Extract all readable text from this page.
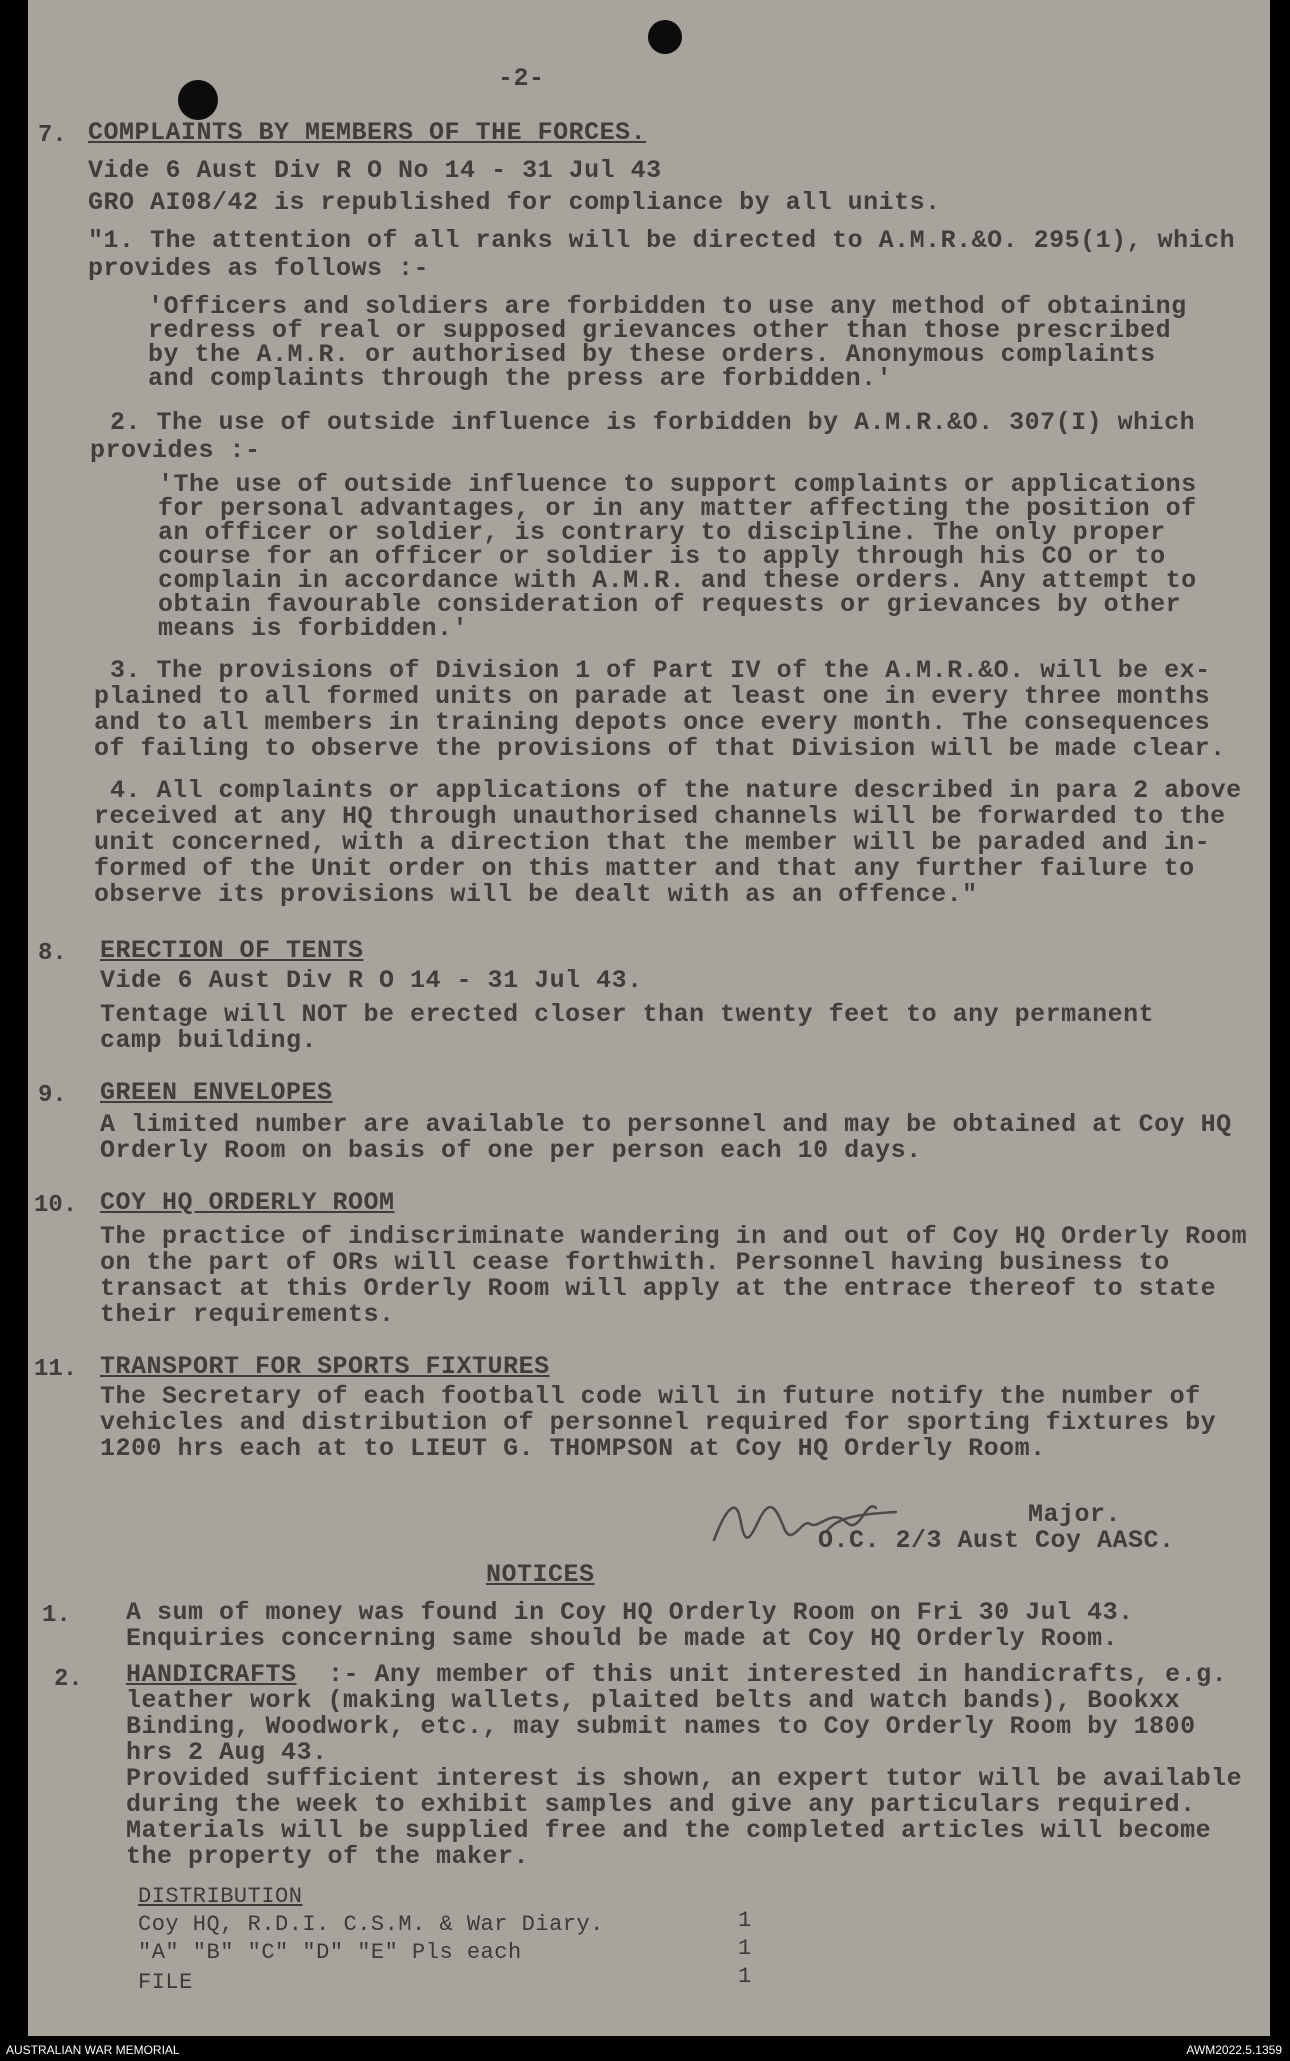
-2-
7. COMPLAINTS BY MEMBERS OF THE FORCES.
Vide 6 Aust Div R O No 14 - 31 Jul 43
GRO AI08/42 is republished for compliance by all units.
"1. The attention of all ranks will be directed to A.M.R.&O. 295(1), which
provides as follows :-
'Officers and soldiers are forbidden to use any method of obtaining
redress of real or supposed grievances other than those prescribed
by the A.M.R. or authorised by these orders. Anonymous complaints
and complaints through the press are forbidden.'
2. The use of outside influence is forbidden by A.M.R.&O. 307(I) which
provides :-
'The use of outside influence to support complaints or applications
for personal advantages, or in any matter affecting the position of
an officer or soldier, is contrary to discipline. The only proper
course for an officer or soldier is to apply through his CO or to
complain in accordance with A.M.R. and these orders. Any attempt to
obtain favourable consideration of requests or grievances by other
means is forbidden.'
3. The provisions of Division 1 of Part IV of the A.M.R.&O. will be ex-
plained to all formed units on parade at least one in every three months
and to all members in training depots once every month. The consequences
of failing to observe the provisions of that Division will be made clear.
4. All complaints or applications of the nature described in para 2 above
received at any HQ through unauthorised channels will be forwarded to the
unit concerned, with a direction that the member will be paraded and in-
formed of the Unit order on this matter and that any further failure to
observe its provisions will be dealt with as an offence."
8. ERECTION OF TENTS
Vide 6 Aust Div R O 14 - 31 Jul 43.
Tentage will NOT be erected closer than twenty feet to any permanent
camp building.
9. GREEN ENVELOPES
A limited number are available to personnel and may be obtained at Coy HQ
Orderly Room on basis of one per person each 10 days.
10. COY HQ ORDERLY ROOM
The practice of indiscriminate wandering in and out of Coy HQ Orderly Room
on the part of ORs will cease forthwith. Personnel having business to
transact at this Orderly Room will apply at the entrace thereof to state
their requirements.
11. TRANSPORT FOR SPORTS FIXTURES
The Secretary of each football code will in future notify the number of
vehicles and distribution of personnel required for sporting fixtures by
1200 hrs each at to LIEUT G. THOMPSON at Coy HQ Orderly Room.
Major.
O.C. 2/3 Aust Coy AASC.
NOTICES
1. A sum of money was found in Coy HQ Orderly Room on Fri 30 Jul 43.
Enquiries concerning same should be made at Coy HQ Orderly Room.
2. HANDICRAFTS :- Any member of this unit interested in handicrafts, e.g.
leather work (making wallets, plaited belts and watch bands), Bookxx
Binding, Woodwork, etc., may submit names to Coy Orderly Room by 1800
hrs 2 Aug 43.
Provided sufficient interest is shown, an expert tutor will be available
during the week to exhibit samples and give any particulars required.
Materials will be supplied free and the completed articles will become
the property of the maker.
DISTRIBUTION
Coy HQ, R.D.I. C.S.M. & War Diary.	1
"A" "B" "C" "D" "E" Pls each	1
FILE	1
AUSTRALIAN WAR MEMORIAL	AWM2022.5.1359
